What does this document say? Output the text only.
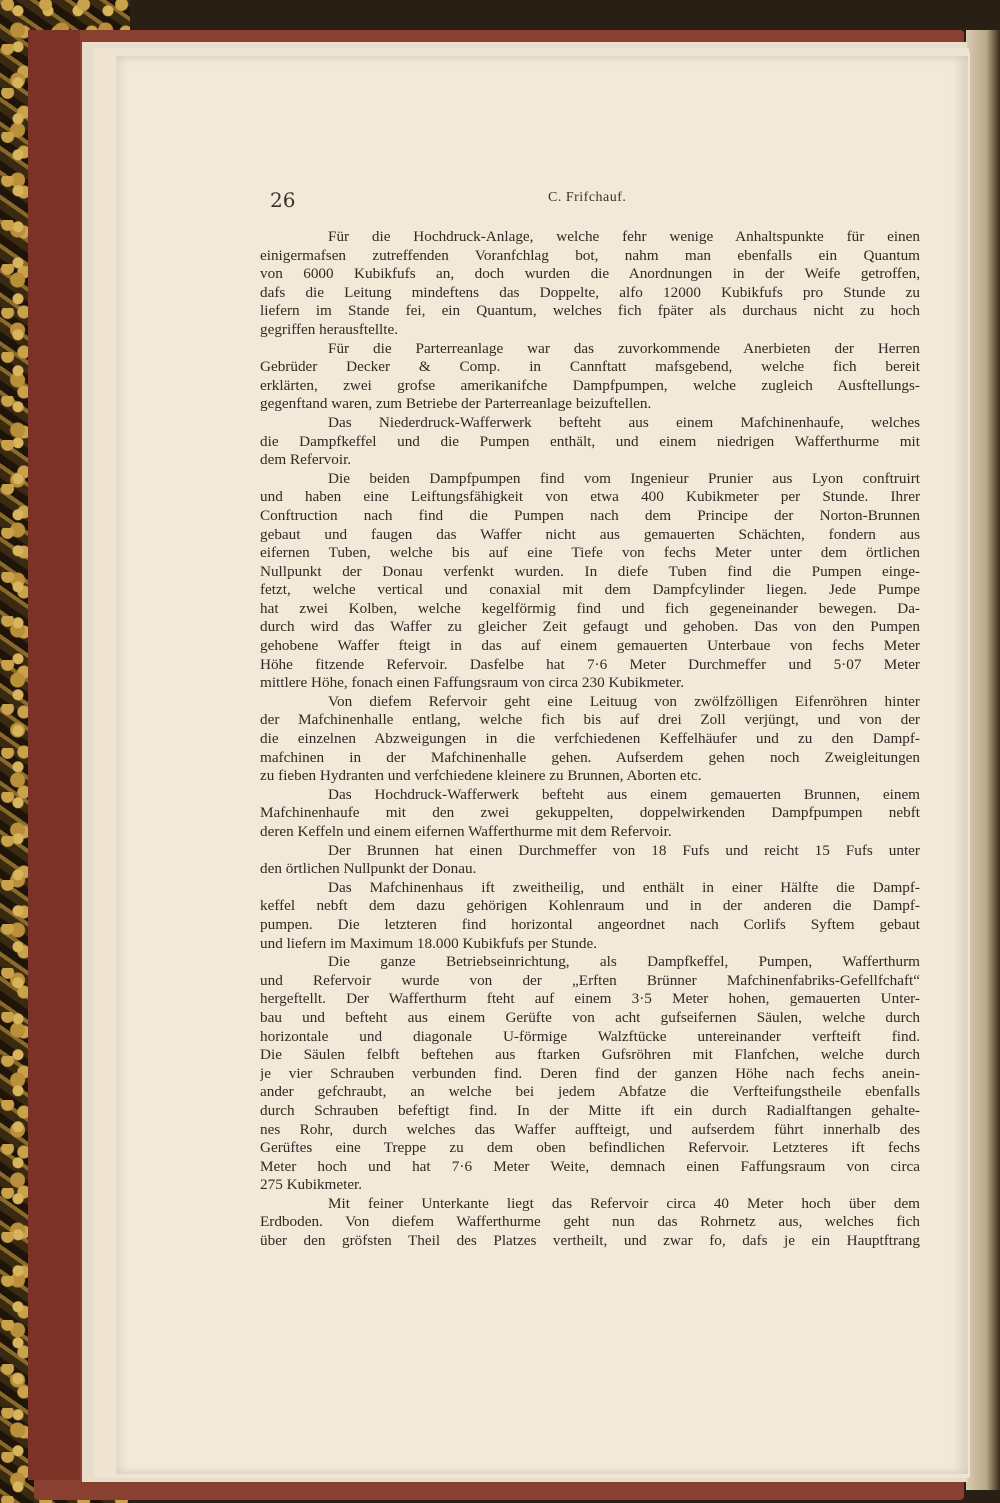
26	C. Frifchauf.
Für die Hochdruck-Anlage, welche fehr wenige Anhaltspunkte für einen
einigermafsen zutreffenden Voranfchlag bot, nahm man ebenfalls ein Quantum
von 6000 Kubikfufs an, doch wurden die Anordnungen in der Weife getroffen,
dafs die Leitung mindeftens das Doppelte, alfo 12000 Kubikfufs pro Stunde zu
liefern im Stande fei, ein Quantum, welches fich fpäter als durchaus nicht zu hoch
gegriffen herausftellte.
Für die Parterreanlage war das zuvorkommende Anerbieten der Herren
Gebrüder Decker & Comp. in Cannftatt mafsgebend, welche fich bereit
erklärten, zwei grofse amerikanifche Dampfpumpen, welche zugleich Ausftellungs-
gegenftand waren, zum Betriebe der Parterreanlage beizuftellen.
Das Niederdruck-Wafferwerk befteht aus einem Mafchinenhaufe, welches
die Dampfkeffel und die Pumpen enthält, und einem niedrigen Wafferthurme mit
dem Refervoir.
Die beiden Dampfpumpen find vom Ingenieur Prunier aus Lyon conftruirt
und haben eine Leiftungsfähigkeit von etwa 400 Kubikmeter per Stunde. Ihrer
Conftruction nach find die Pumpen nach dem Principe der Norton-Brunnen
gebaut und faugen das Waffer nicht aus gemauerten Schächten, fondern aus
eifernen Tuben, welche bis auf eine Tiefe von fechs Meter unter dem örtlichen
Nullpunkt der Donau verfenkt wurden. In diefe Tuben find die Pumpen einge-
fetzt, welche vertical und conaxial mit dem Dampfcylinder liegen. Jede Pumpe
hat zwei Kolben, welche kegelförmig find und fich gegeneinander bewegen. Da-
durch wird das Waffer zu gleicher Zeit gefaugt und gehoben. Das von den Pumpen
gehobene Waffer fteigt in das auf einem gemauerten Unterbaue von fechs Meter
Höhe fitzende Refervoir. Dasfelbe hat 7·6 Meter Durchmeffer und 5·07 Meter
mittlere Höhe, fonach einen Faffungsraum von circa 230 Kubikmeter.
Von diefem Refervoir geht eine Leituug von zwölfzölligen Eifenröhren hinter
der Mafchinenhalle entlang, welche fich bis auf drei Zoll verjüngt, und von der
die einzelnen Abzweigungen in die verfchiedenen Keffelhäufer und zu den Dampf-
mafchinen in der Mafchinenhalle gehen. Aufserdem gehen noch Zweigleitungen
zu fieben Hydranten und verfchiedene kleinere zu Brunnen, Aborten etc.
Das Hochdruck-Wafferwerk befteht aus einem gemauerten Brunnen, einem
Mafchinenhaufe mit den zwei gekuppelten, doppelwirkenden Dampfpumpen nebft
deren Keffeln und einem eifernen Wafferthurme mit dem Refervoir.
Der Brunnen hat einen Durchmeffer von 18 Fufs und reicht 15 Fufs unter
den örtlichen Nullpunkt der Donau.
Das Mafchinenhaus ift zweitheilig, und enthält in einer Hälfte die Dampf-
keffel nebft dem dazu gehörigen Kohlenraum und in der anderen die Dampf-
pumpen. Die letzteren find horizontal angeordnet nach Corlifs Syftem gebaut
und liefern im Maximum 18.000 Kubikfufs per Stunde.
Die ganze Betriebseinrichtung, als Dampfkeffel, Pumpen, Wafferthurm
und Refervoir wurde von der „Erften Brünner Mafchinenfabriks-Gefellfchaft“
hergeftellt. Der Wafferthurm fteht auf einem 3·5 Meter hohen, gemauerten Unter-
bau und befteht aus einem Gerüfte von acht gufseifernen Säulen, welche durch
horizontale und diagonale U-förmige Walzftücke untereinander verfteift find.
Die Säulen felbft beftehen aus ftarken Gufsröhren mit Flanfchen, welche durch
je vier Schrauben verbunden find. Deren find der ganzen Höhe nach fechs anein-
ander gefchraubt, an welche bei jedem Abfatze die Verfteifungstheile ebenfalls
durch Schrauben befeftigt find. In der Mitte ift ein durch Radialftangen gehalte-
nes Rohr, durch welches das Waffer auffteigt, und aufserdem führt innerhalb des
Gerüftes eine Treppe zu dem oben befindlichen Refervoir. Letzteres ift fechs
Meter hoch und hat 7·6 Meter Weite, demnach einen Faffungsraum von circa
275 Kubikmeter.
Mit feiner Unterkante liegt das Refervoir circa 40 Meter hoch über dem
Erdboden. Von diefem Wafferthurme geht nun das Rohrnetz aus, welches fich
über den gröfsten Theil des Platzes vertheilt, und zwar fo, dafs je ein Hauptftrang
